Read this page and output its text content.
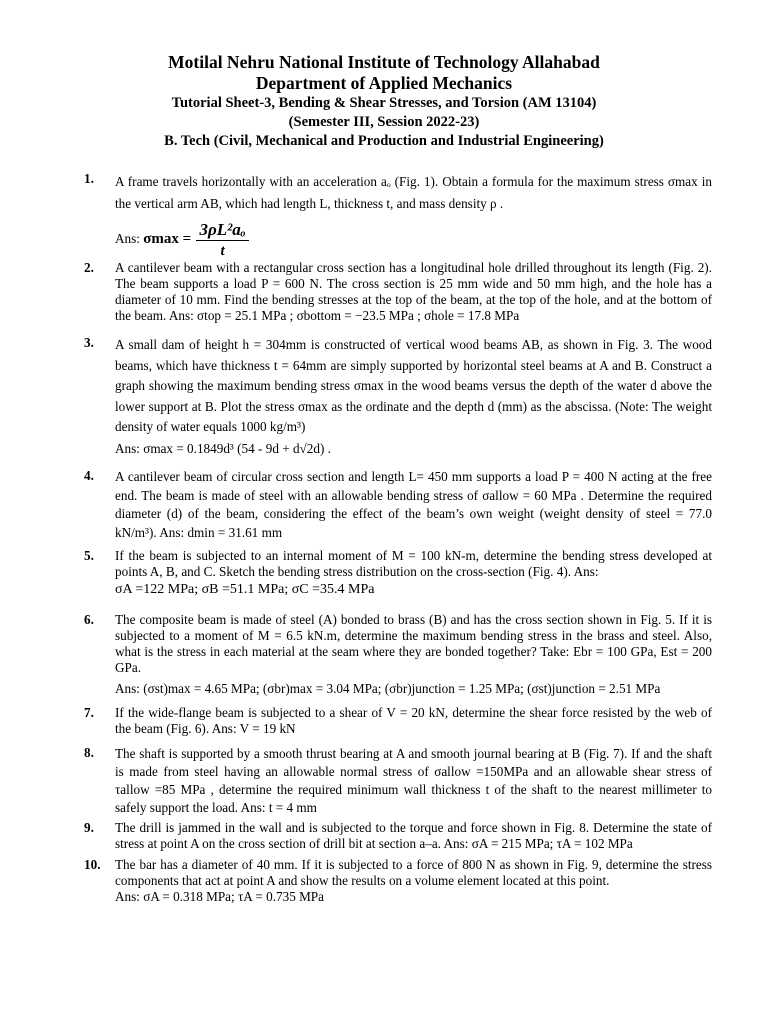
Motilal Nehru National Institute of Technology Allahabad
Department of Applied Mechanics
Tutorial Sheet-3, Bending & Shear Stresses, and Torsion (AM 13104)
(Semester III, Session 2022-23)
B. Tech (Civil, Mechanical and Production and Industrial Engineering)
1. A frame travels horizontally with an acceleration aₒ (Fig. 1). Obtain a formula for the maximum stress σmax in the vertical arm AB, which had length L, thickness t, and mass density ρ .
Ans: $\sigma\max = \frac{\text{3ρL²aₒ}}{t}$
2. A cantilever beam with a rectangular cross section has a longitudinal hole drilled throughout its length (Fig. 2). The beam supports a load P = 600 N. The cross section is 25 mm wide and 50 mm high, and the hole has a diameter of 10 mm. Find the bending stresses at the top of the beam, at the top of the hole, and at the bottom of the beam. Ans: σtop = 25.1 MPa ; σbottom = −23.5 MPa ; σhole = 17.8 MPa
3. A small dam of height h = 304mm is constructed of vertical wood beams AB, as shown in Fig. 3. The wood beams, which have thickness t = 64mm are simply supported by horizontal steel beams at A and B. Construct a graph showing the maximum bending stress σmax in the wood beams versus the depth of the water d above the lower support at B. Plot the stress σmax as the ordinate and the depth d (mm) as the abscissa. (Note: The weight density of water equals 1000 kg/m³)
Ans: σmax = 0.1849d³ (54 - 9d + d√2d) .
4. A cantilever beam of circular cross section and length L= 450 mm supports a load P = 400 N acting at the free end. The beam is made of steel with an allowable bending stress of σallow = 60 MPa . Determine the required diameter (d) of the beam, considering the effect of the beam’s own weight (weight density of steel = 77.0 kN/m³). Ans: dmin = 31.61 mm
5. If the beam is subjected to an internal moment of M = 100 kN-m, determine the bending stress developed at points A, B, and C. Sketch the bending stress distribution on the cross-section (Fig. 4). Ans:
σA =122 MPa; σB =51.1 MPa; σC =35.4 MPa
6. The composite beam is made of steel (A) bonded to brass (B) and has the cross section shown in Fig. 5. If it is subjected to a moment of M = 6.5 kN.m, determine the maximum bending stress in the brass and steel. Also, what is the stress in each material at the seam where they are bonded together? Take: Ebr = 100 GPa, Est = 200 GPa.
Ans: (σst)max = 4.65 MPa; (σbr)max = 3.04 MPa; (σbr)junction = 1.25 MPa; (σst)junction = 2.51 MPa
7. If the wide-flange beam is subjected to a shear of V = 20 kN, determine the shear force resisted by the web of the beam (Fig. 6). Ans: V = 19 kN
8. The shaft is supported by a smooth thrust bearing at A and smooth journal bearing at B (Fig. 7). If and the shaft is made from steel having an allowable normal stress of σallow =150MPa and an allowable shear stress of τallow =85 MPa , determine the required minimum wall thickness t of the shaft to the nearest millimeter to safely support the load. Ans: t = 4 mm
9. The drill is jammed in the wall and is subjected to the torque and force shown in Fig. 8. Determine the state of stress at point A on the cross section of drill bit at section a–a. Ans: σA = 215 MPa; τA = 102 MPa
10. The bar has a diameter of 40 mm. If it is subjected to a force of 800 N as shown in Fig. 9, determine the stress components that act at point A and show the results on a volume element located at this point.
Ans: σA = 0.318 MPa; τA = 0.735 MPa
